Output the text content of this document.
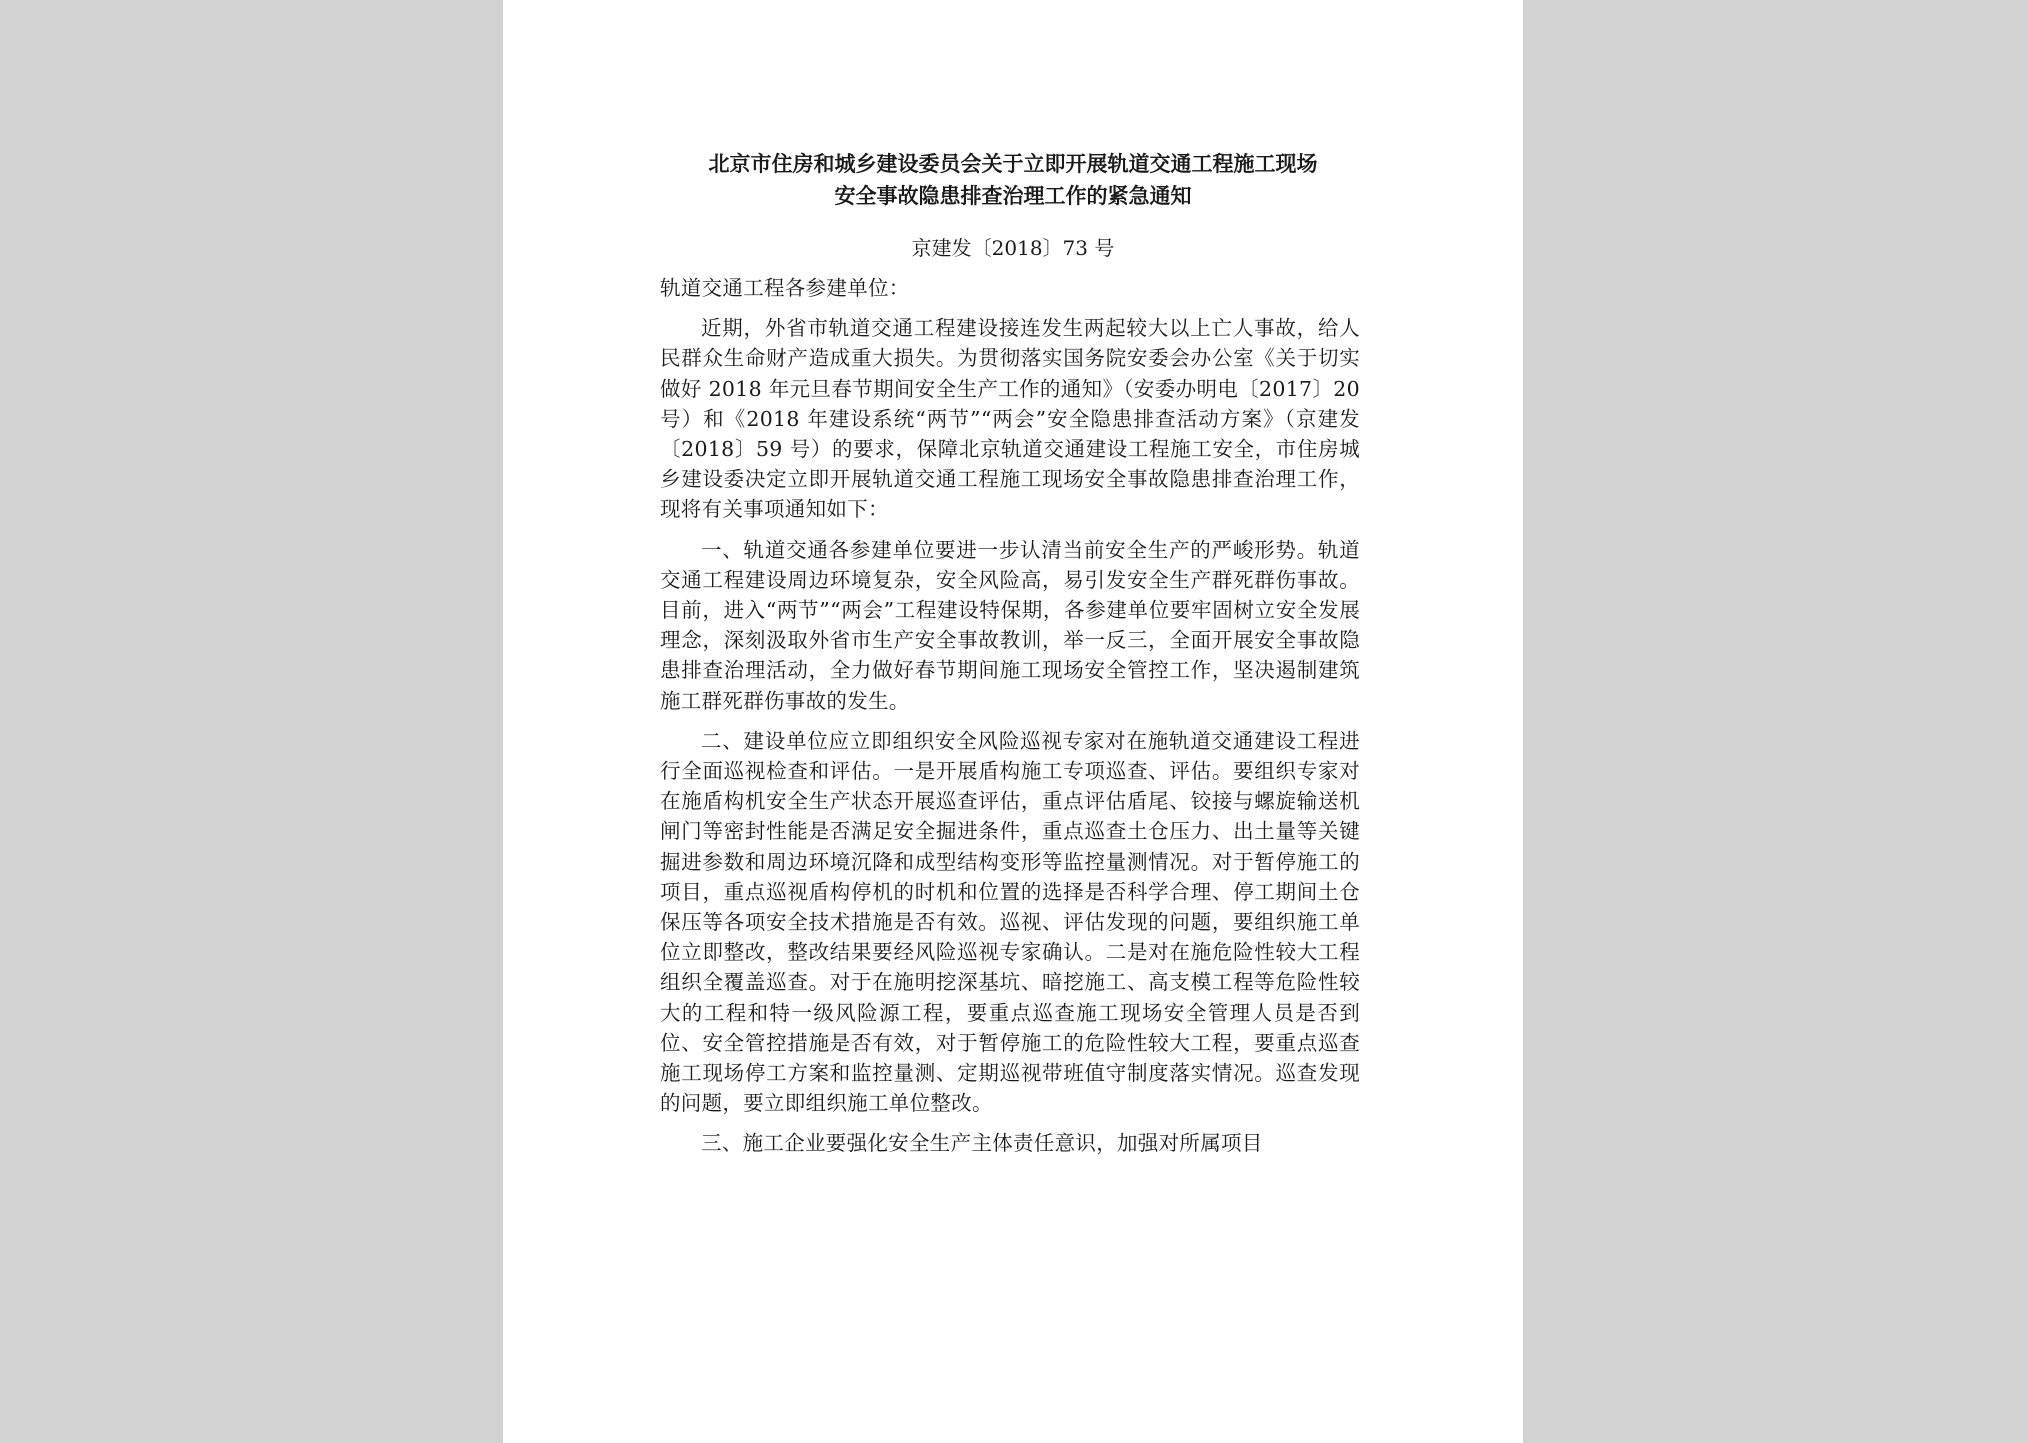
北京市住房和城乡建设委员会关于立即开展轨道交通工程施工现场
安全事故隐患排查治理工作的紧急通知
京建发〔2018〕73 号

轨道交通工程各参建单位：

近期，外省市轨道交通工程建设接连发生两起较大以上亡人事故，给人民群众生命财产造成重大损失。为贯彻落实国务院安委会办公室《关于切实做好 2018 年元旦春节期间安全生产工作的通知》（安委办明电〔2017〕20 号）和《2018 年建设系统“两节”“两会”安全隐患排查活动方案》（京建发〔2018〕59 号）的要求，保障北京轨道交通建设工程施工安全，市住房城乡建设委决定立即开展轨道交通工程施工现场安全事故隐患排查治理工作，现将有关事项通知如下：

一、轨道交通各参建单位要进一步认清当前安全生产的严峻形势。轨道交通工程建设周边环境复杂，安全风险高，易引发安全生产群死群伤事故。目前，进入“两节”“两会”工程建设特保期，各参建单位要牢固树立安全发展理念，深刻汲取外省市生产安全事故教训，举一反三，全面开展安全事故隐患排查治理活动，全力做好春节期间施工现场安全管控工作，坚决遏制建筑施工群死群伤事故的发生。

二、建设单位应立即组织安全风险巡视专家对在施轨道交通建设工程进行全面巡视检查和评估。一是开展盾构施工专项巡查、评估。要组织专家对在施盾构机安全生产状态开展巡查评估，重点评估盾尾、铰接与螺旋输送机闸门等密封性能是否满足安全掘进条件，重点巡查土仓压力、出土量等关键掘进参数和周边环境沉降和成型结构变形等监控量测情况。对于暂停施工的项目，重点巡视盾构停机的时机和位置的选择是否科学合理、停工期间土仓保压等各项安全技术措施是否有效。巡视、评估发现的问题，要组织施工单位立即整改，整改结果要经风险巡视专家确认。二是对在施危险性较大工程组织全覆盖巡查。对于在施明挖深基坑、暗挖施工、高支模工程等危险性较大的工程和特一级风险源工程，要重点巡查施工现场安全管理人员是否到位、安全管控措施是否有效，对于暂停施工的危险性较大工程，要重点巡查施工现场停工方案和监控量测、定期巡视带班值守制度落实情况。巡查发现的问题，要立即组织施工单位整改。

三、施工企业要强化安全生产主体责任意识，加强对所属项目
